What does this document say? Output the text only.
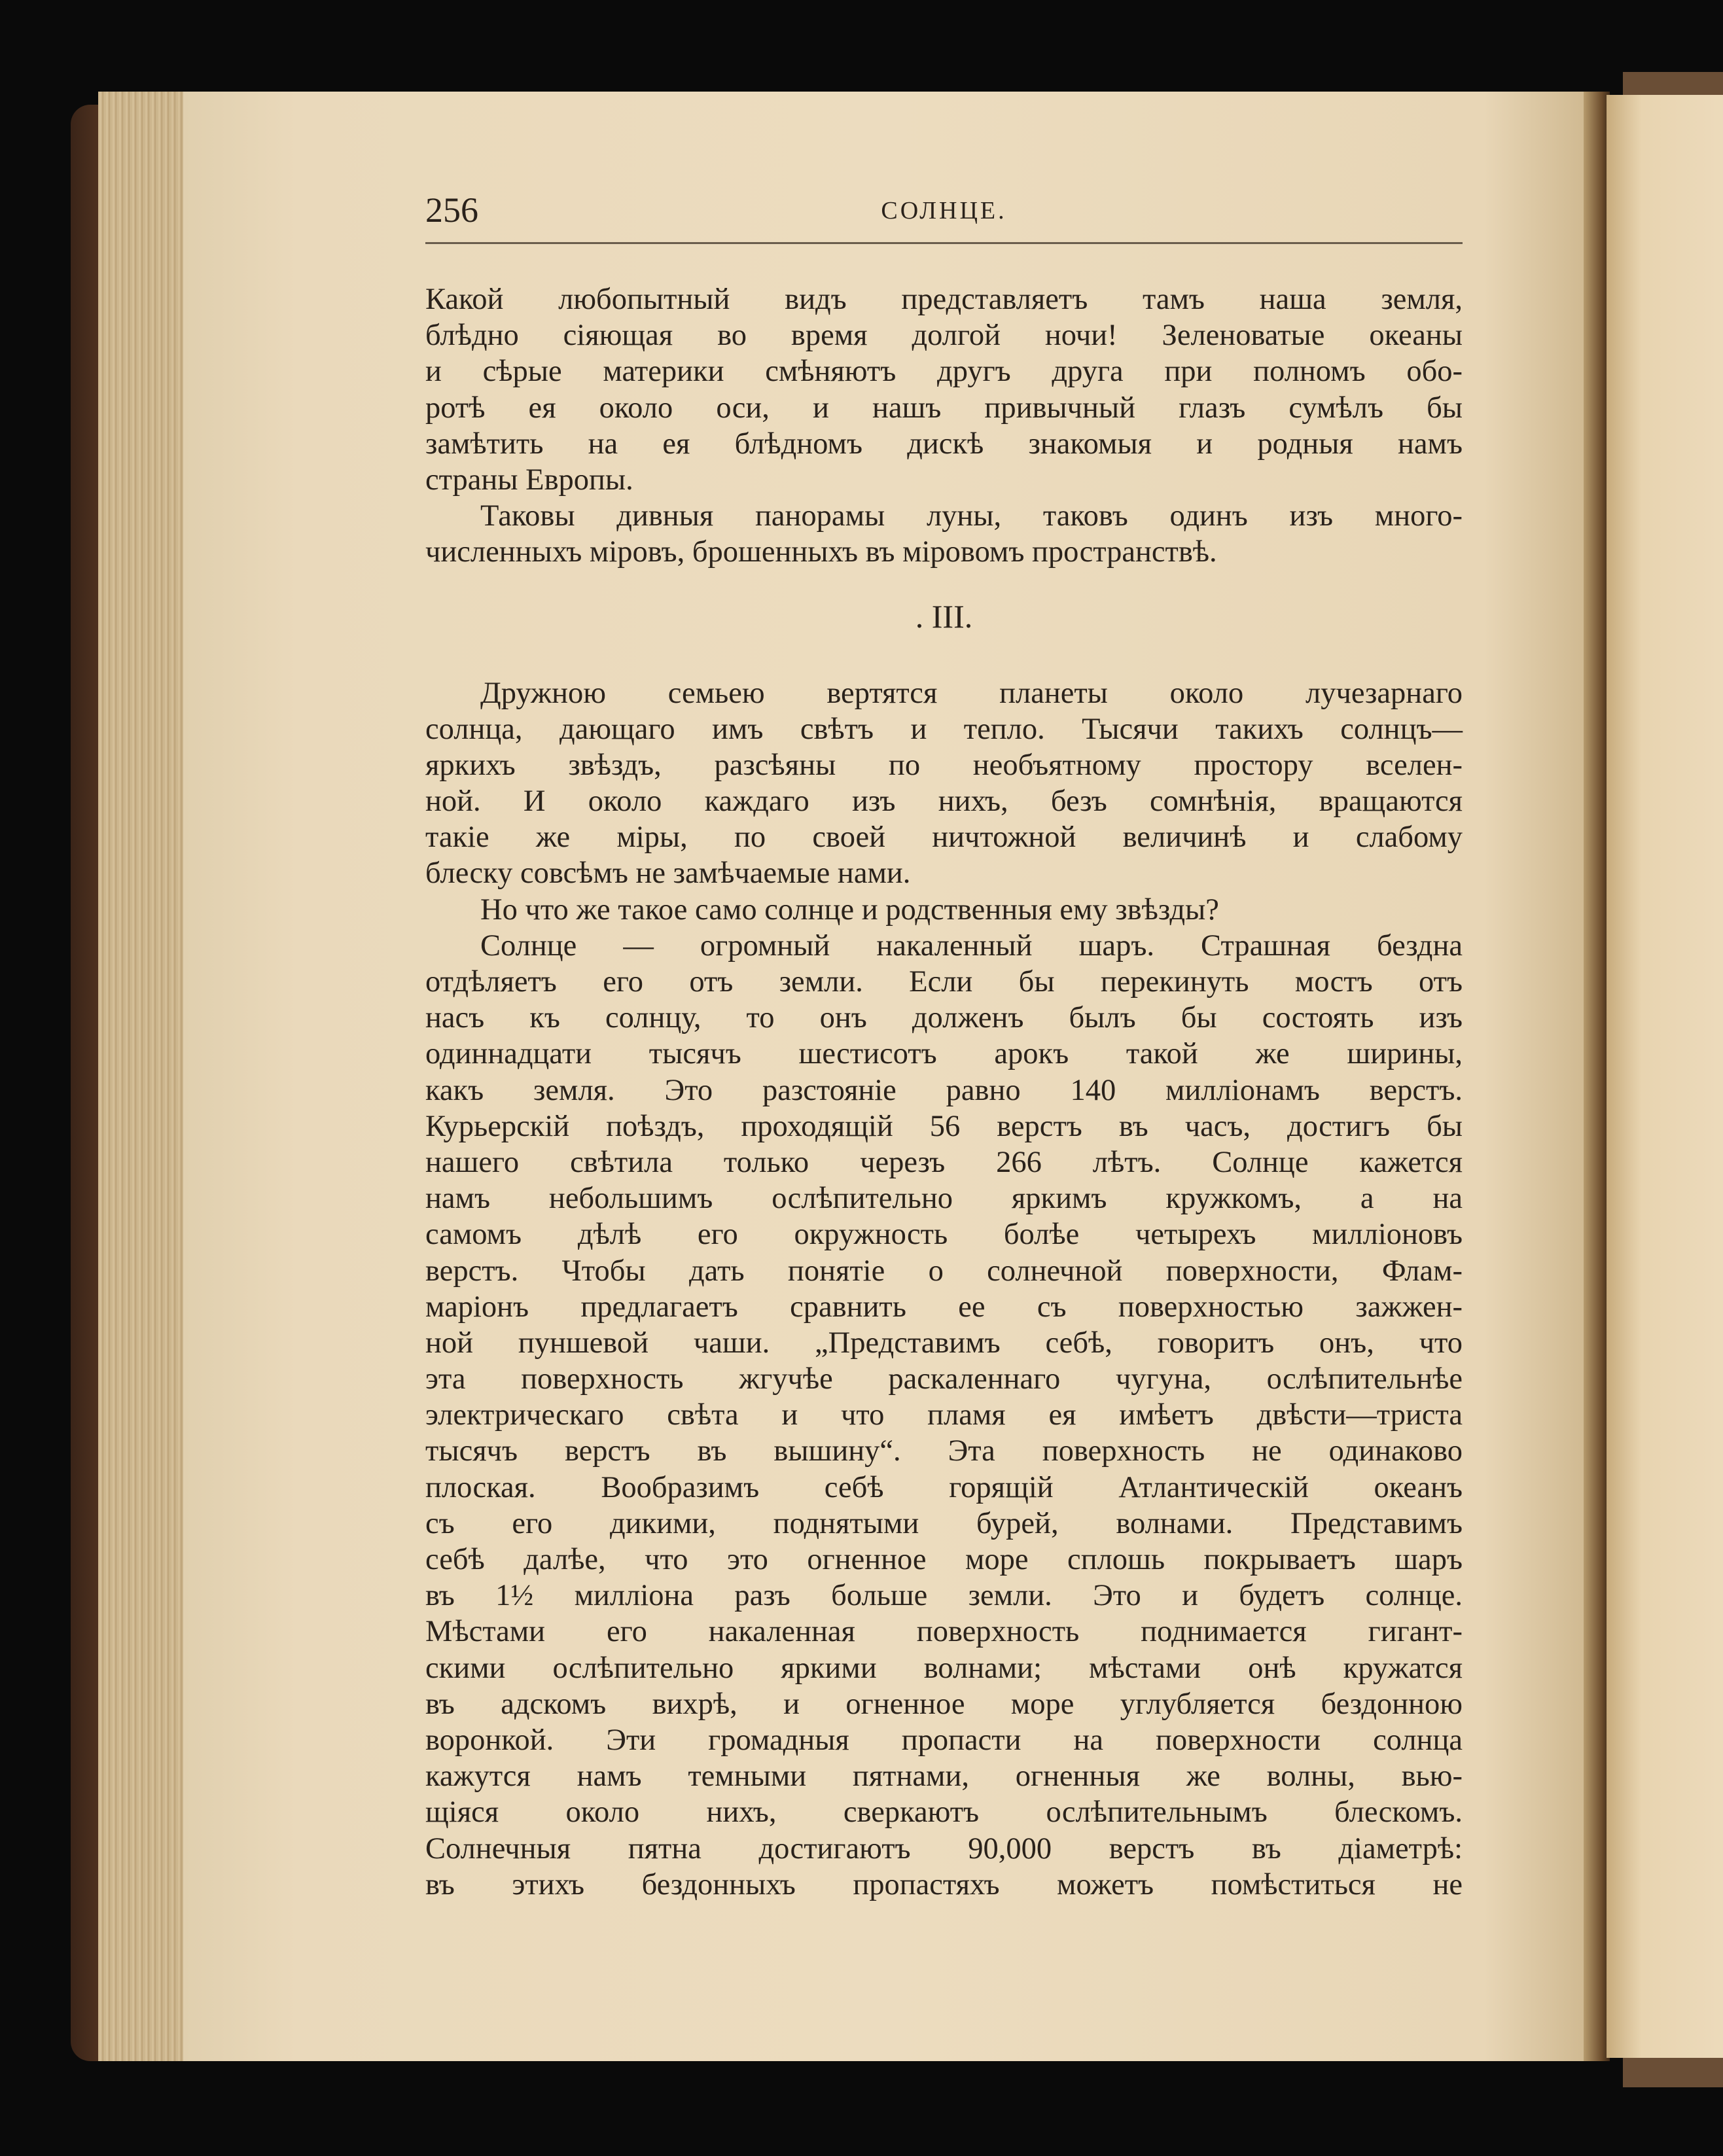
256	СОЛНЦЕ.
Какой любопытный видъ представляетъ тамъ наша земля,
блѣдно сіяющая во время долгой ночи! Зеленоватые океаны
и сѣрые материки смѣняютъ другъ друга при полномъ обо-
ротѣ ея около оси, и нашъ привычный глазъ сумѣлъ бы
замѣтить на ея блѣдномъ дискѣ знакомыя и родныя намъ
страны Европы.
Таковы дивныя панорамы луны, таковъ одинъ изъ много-
численныхъ міровъ, брошенныхъ въ міровомъ пространствѣ.
. III.
Дружною семьею вертятся планеты около лучезарнаго
солнца, дающаго имъ свѣтъ и тепло. Тысячи такихъ солнцъ—
яркихъ звѣздъ, разсѣяны по необъятному простору вселен-
ной. И около каждаго изъ нихъ, безъ сомнѣнія, вращаются
такіе же міры, по своей ничтожной величинѣ и слабому
блеску совсѣмъ не замѣчаемые нами.
Но что же такое само солнце и родственныя ему звѣзды?
Солнце — огромный накаленный шаръ. Страшная бездна
отдѣляетъ его отъ земли. Если бы перекинуть мостъ отъ
насъ къ солнцу, то онъ долженъ былъ бы состоять изъ
одиннадцати тысячъ шестисотъ арокъ такой же ширины,
какъ земля. Это разстояніе равно 140 милліонамъ верстъ.
Курьерскій поѣздъ, проходящій 56 верстъ въ часъ, достигъ бы
нашего свѣтила только черезъ 266 лѣтъ. Солнце кажется
намъ небольшимъ ослѣпительно яркимъ кружкомъ, а на
самомъ дѣлѣ его окружность болѣе четырехъ милліоновъ
верстъ. Чтобы дать понятіе о солнечной поверхности, Флам-
маріонъ предлагаетъ сравнить ее съ поверхностью зажжен-
ной пуншевой чаши. „Представимъ себѣ, говоритъ онъ, что
эта поверхность жгучѣе раскаленнаго чугуна, ослѣпительнѣе
электрическаго свѣта и что пламя ея имѣетъ двѣсти—триста
тысячъ верстъ въ вышину“. Эта поверхность не одинаково
плоская. Вообразимъ себѣ горящій Атлантическій океанъ
съ его дикими, поднятыми бурей, волнами. Представимъ
себѣ далѣе, что это огненное море сплошь покрываетъ шаръ
въ 1½ милліона разъ больше земли. Это и будетъ солнце.
Мѣстами его накаленная поверхность поднимается гигант-
скими ослѣпительно яркими волнами; мѣстами онѣ кружатся
въ адскомъ вихрѣ, и огненное море углубляется бездонною
воронкой. Эти громадныя пропасти на поверхности солнца
кажутся намъ темными пятнами, огненныя же волны, вью-
щіяся около нихъ, сверкаютъ ослѣпительнымъ блескомъ.
Солнечныя пятна достигаютъ 90,000 верстъ въ діаметрѣ:
въ этихъ бездонныхъ пропастяхъ можетъ помѣститься не
